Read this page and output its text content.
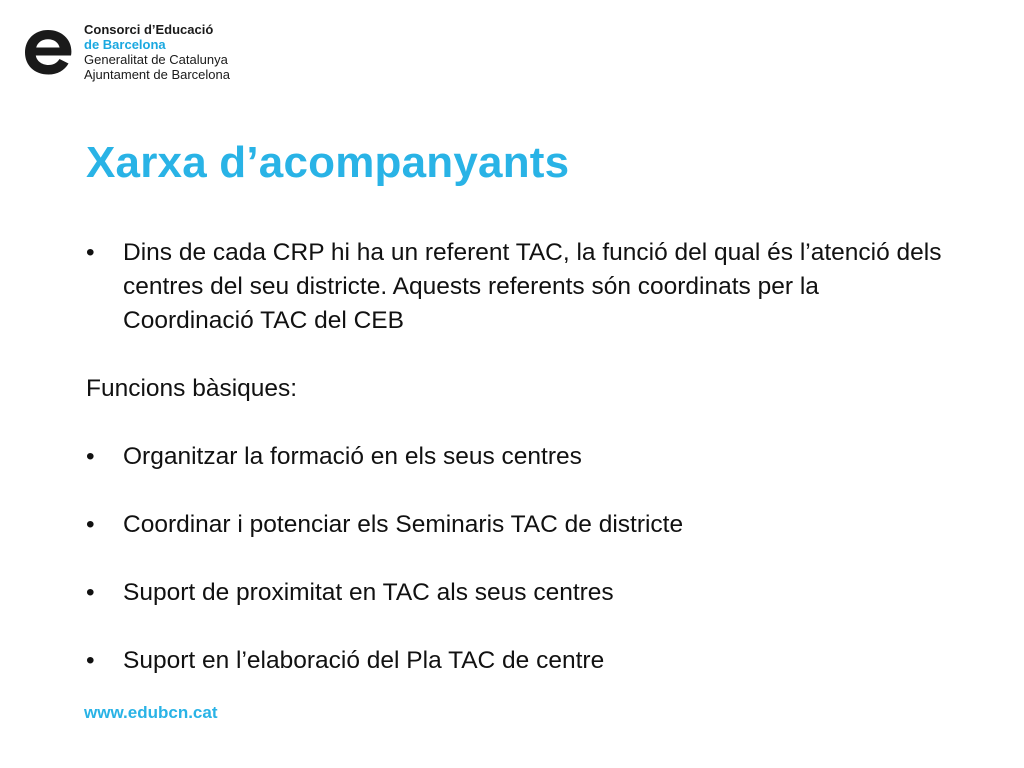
Consorci d’Educació
de Barcelona
Generalitat de Catalunya
Ajuntament de Barcelona
Xarxa d’acompanyants
• Dins de cada CRP hi ha un referent TAC, la funció del qual és l’atenció dels centres del seu districte. Aquests referents són coordinats per la Coordinació TAC del CEB
Funcions bàsiques:
• Organitzar la formació en els seus centres
• Coordinar i potenciar els Seminaris TAC de districte
• Suport de proximitat en TAC als seus centres
• Suport en l’elaboració del Pla TAC de centre
www.edubcn.cat
